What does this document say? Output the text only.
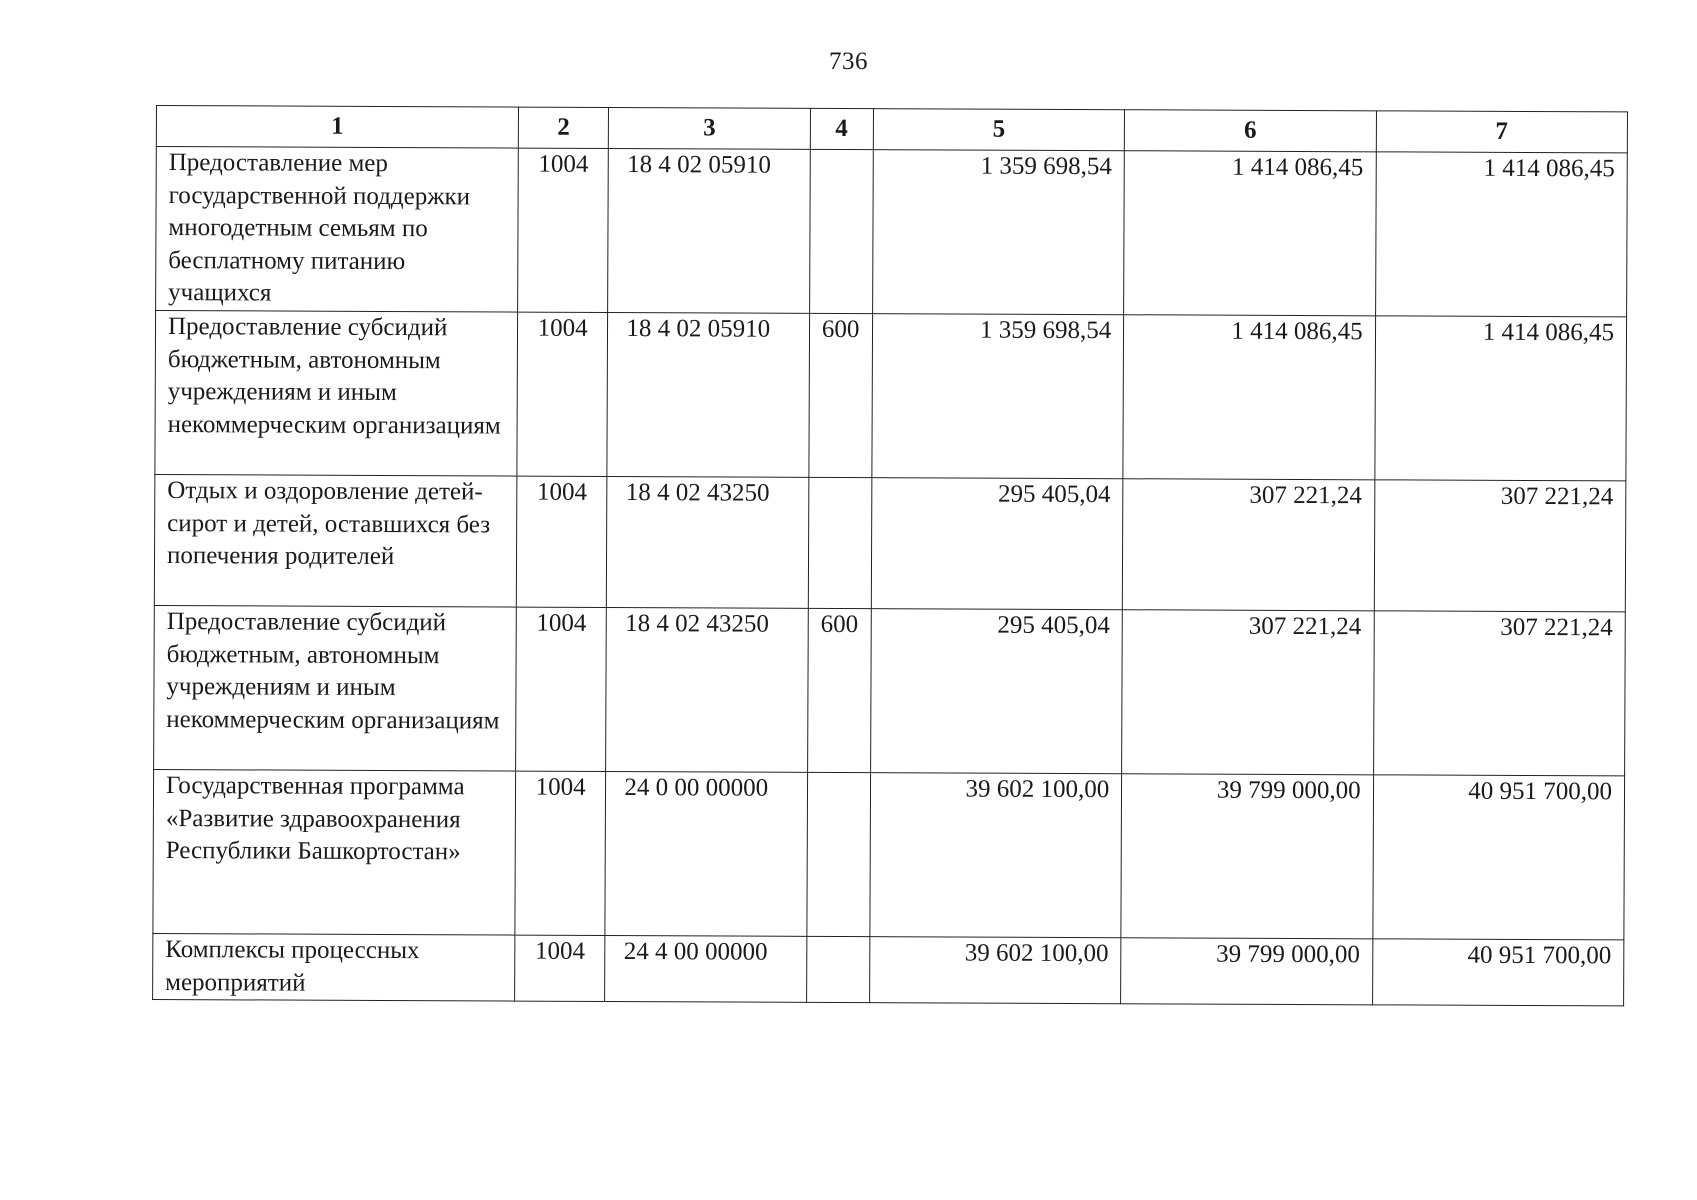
736
1	2	3	4	5	6	7
Предоставление мер государственной поддержки многодетным семьям по бесплатному питанию учащихся	1004	18 4 02 05910		1 359 698,54	1 414 086,45	1 414 086,45
Предоставление субсидий бюджетным, автономным учреждениям и иным некоммерческим организациям	1004	18 4 02 05910	600	1 359 698,54	1 414 086,45	1 414 086,45
Отдых и оздоровление детей-сирот и детей, оставшихся без попечения родителей	1004	18 4 02 43250		295 405,04	307 221,24	307 221,24
Предоставление субсидий бюджетным, автономным учреждениям и иным некоммерческим организациям	1004	18 4 02 43250	600	295 405,04	307 221,24	307 221,24
Государственная программа «Развитие здравоохранения Республики Башкортостан»	1004	24 0 00 00000		39 602 100,00	39 799 000,00	40 951 700,00
Комплексы процессных мероприятий	1004	24 4 00 00000		39 602 100,00	39 799 000,00	40 951 700,00
